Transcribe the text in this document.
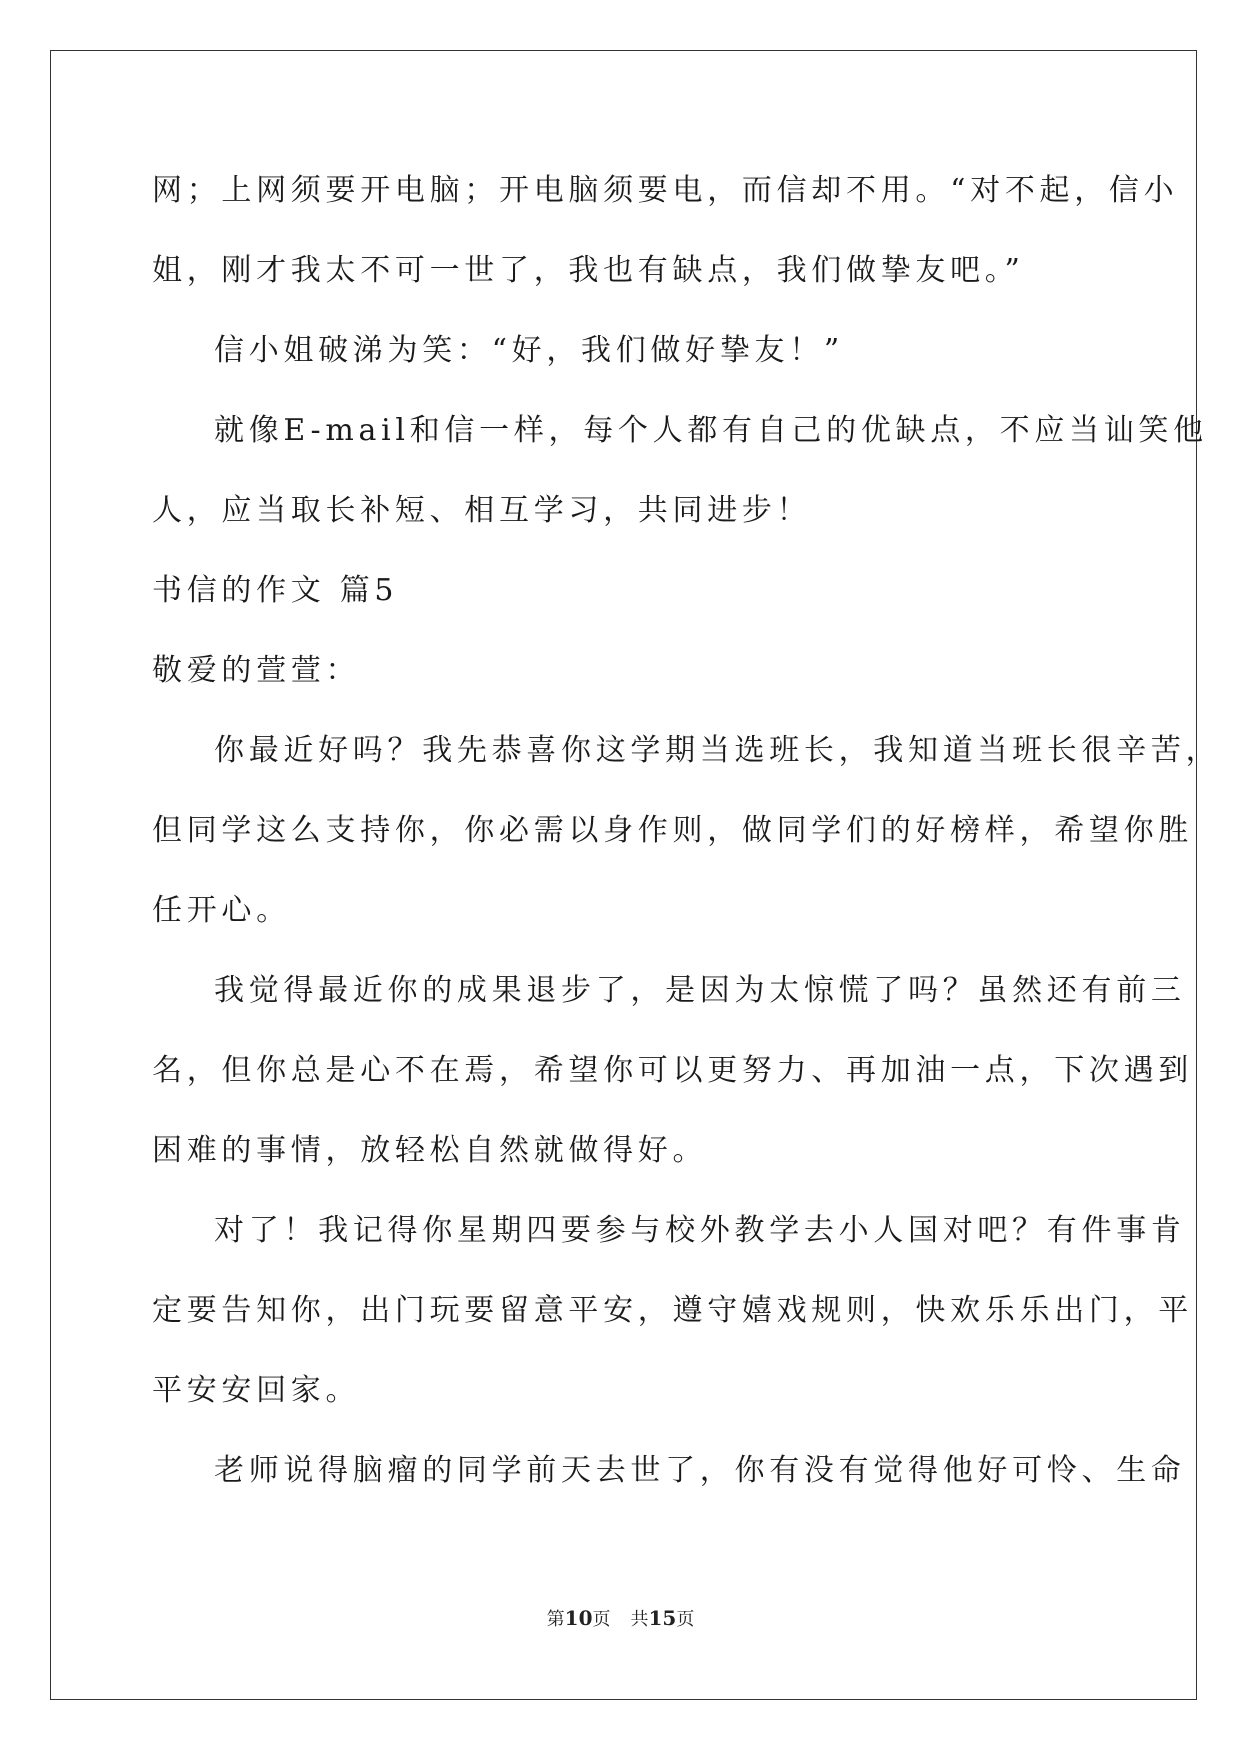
网；上网须要开电脑；开电脑须要电，而信却不用。“对不起，信小
姐，刚才我太不可一世了，我也有缺点，我们做挚友吧。”
信小姐破涕为笑：“好，我们做好挚友！”
就像E-mail和信一样，每个人都有自己的优缺点，不应当讪笑他
人，应当取长补短、相互学习，共同进步！
书信的作文 篇5
敬爱的萱萱：
你最近好吗？我先恭喜你这学期当选班长，我知道当班长很辛苦，
但同学这么支持你，你必需以身作则，做同学们的好榜样，希望你胜
任开心。
我觉得最近你的成果退步了，是因为太惊慌了吗？虽然还有前三
名，但你总是心不在焉，希望你可以更努力、再加油一点，下次遇到
困难的事情，放轻松自然就做得好。
对了！我记得你星期四要参与校外教学去小人国对吧？有件事肯
定要告知你，出门玩要留意平安，遵守嬉戏规则，快欢乐乐出门，平
平安安回家。
老师说得脑瘤的同学前天去世了，你有没有觉得他好可怜、生命
第10页 共15页
